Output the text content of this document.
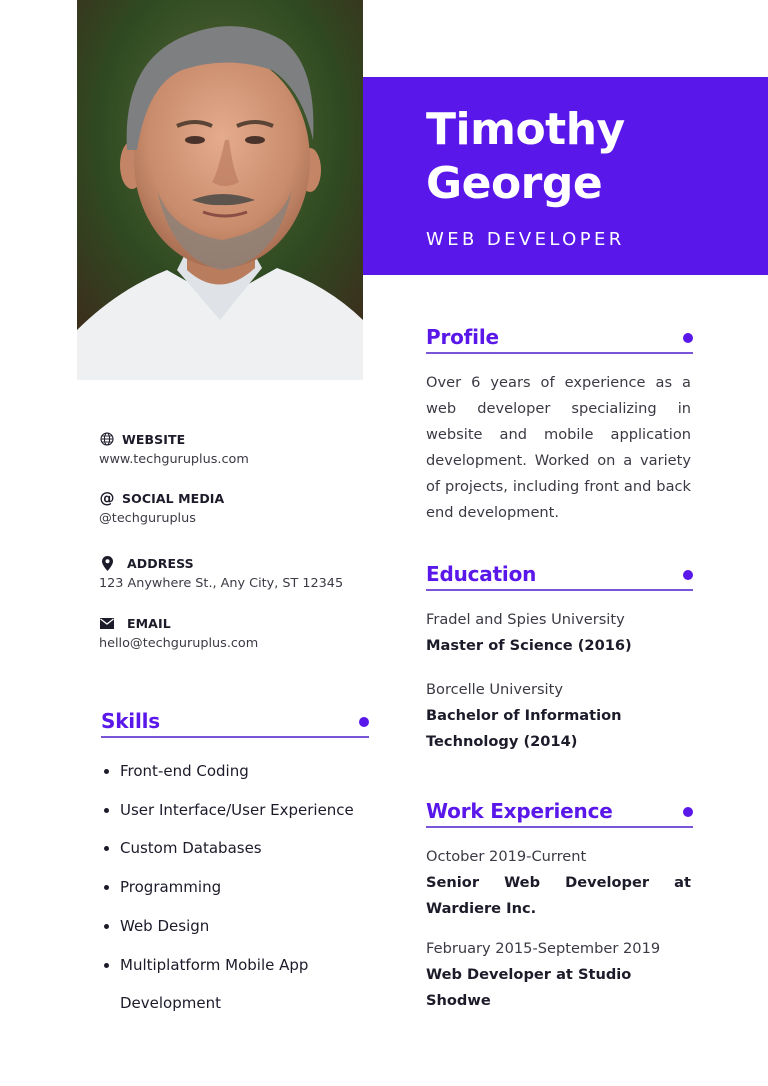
Timothy
George
WEB DEVELOPER
WEBSITE
www.techguruplus.com
@ SOCIAL MEDIA
@techguruplus
ADDRESS
123 Anywhere St., Any City, ST 12345
EMAIL
hello@techguruplus.com
Skills
Front-end Coding
User Interface/User Experience
Custom Databases
Programming
Web Design
Multiplatform Mobile App Development
Profile
Over 6 years of experience as a web developer specializing in website and mobile application development. Worked on a variety of projects, including front and back end development.
Education
Fradel and Spies University
Master of Science (2016)
Borcelle University
Bachelor of Information Technology (2014)
Work Experience
October 2019-Current
Senior Web Developer at Wardiere Inc.
February 2015-September 2019
Web Developer at Studio Shodwe
